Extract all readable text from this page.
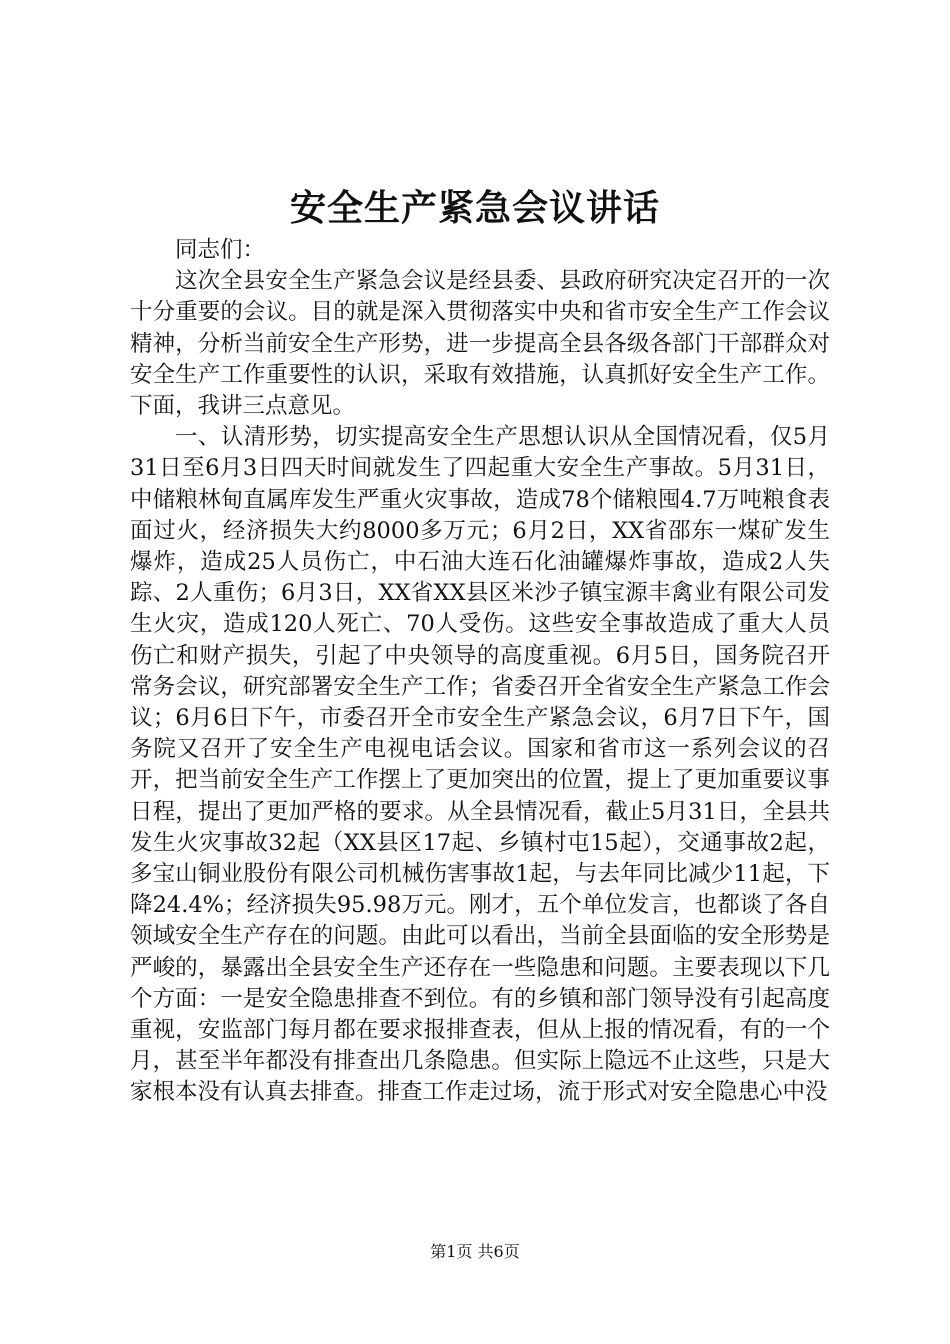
安全生产紧急会议讲话

同志们：

这次全县安全生产紧急会议是经县委、县政府研究决定召开的一次十分重要的会议。目的就是深入贯彻落实中央和省市安全生产工作会议精神，分析当前安全生产形势，进一步提高全县各级各部门干部群众对安全生产工作重要性的认识，采取有效措施，认真抓好安全生产工作。下面，我讲三点意见。

一、认清形势，切实提高安全生产思想认识从全国情况看，仅5月31日至6月3日四天时间就发生了四起重大安全生产事故。5月31日，中储粮林甸直属库发生严重火灾事故，造成78个储粮囤4.7万吨粮食表面过火，经济损失大约8000多万元；6月2日，XX省邵东一煤矿发生爆炸，造成25人员伤亡，中石油大连石化油罐爆炸事故，造成2人失踪、2人重伤；6月3日，XX省XX县区米沙子镇宝源丰禽业有限公司发生火灾，造成120人死亡、70人受伤。这些安全事故造成了重大人员伤亡和财产损失，引起了中央领导的高度重视。6月5日，国务院召开常务会议，研究部署安全生产工作；省委召开全省安全生产紧急工作会议；6月6日下午，市委召开全市安全生产紧急会议，6月7日下午，国务院又召开了安全生产电视电话会议。国家和省市这一系列会议的召开，把当前安全生产工作摆上了更加突出的位置，提上了更加重要议事日程，提出了更加严格的要求。从全县情况看，截止5月31日，全县共发生火灾事故32起（XX县区17起、乡镇村屯15起），交通事故2起，多宝山铜业股份有限公司机械伤害事故1起，与去年同比减少11起，下降24.4%；经济损失95.98万元。刚才，五个单位发言，也都谈了各自领域安全生产存在的问题。由此可以看出，当前全县面临的安全形势是严峻的，暴露出全县安全生产还存在一些隐患和问题。主要表现以下几个方面：一是安全隐患排查不到位。有的乡镇和部门领导没有引起高度重视，安监部门每月都在要求报排查表，但从上报的情况看，有的一个月，甚至半年都没有排查出几条隐患。但实际上隐远不止这些，只是大家根本没有认真去排查。排查工作走过场，流于形式对安全隐患心中没

第1页 共6页
